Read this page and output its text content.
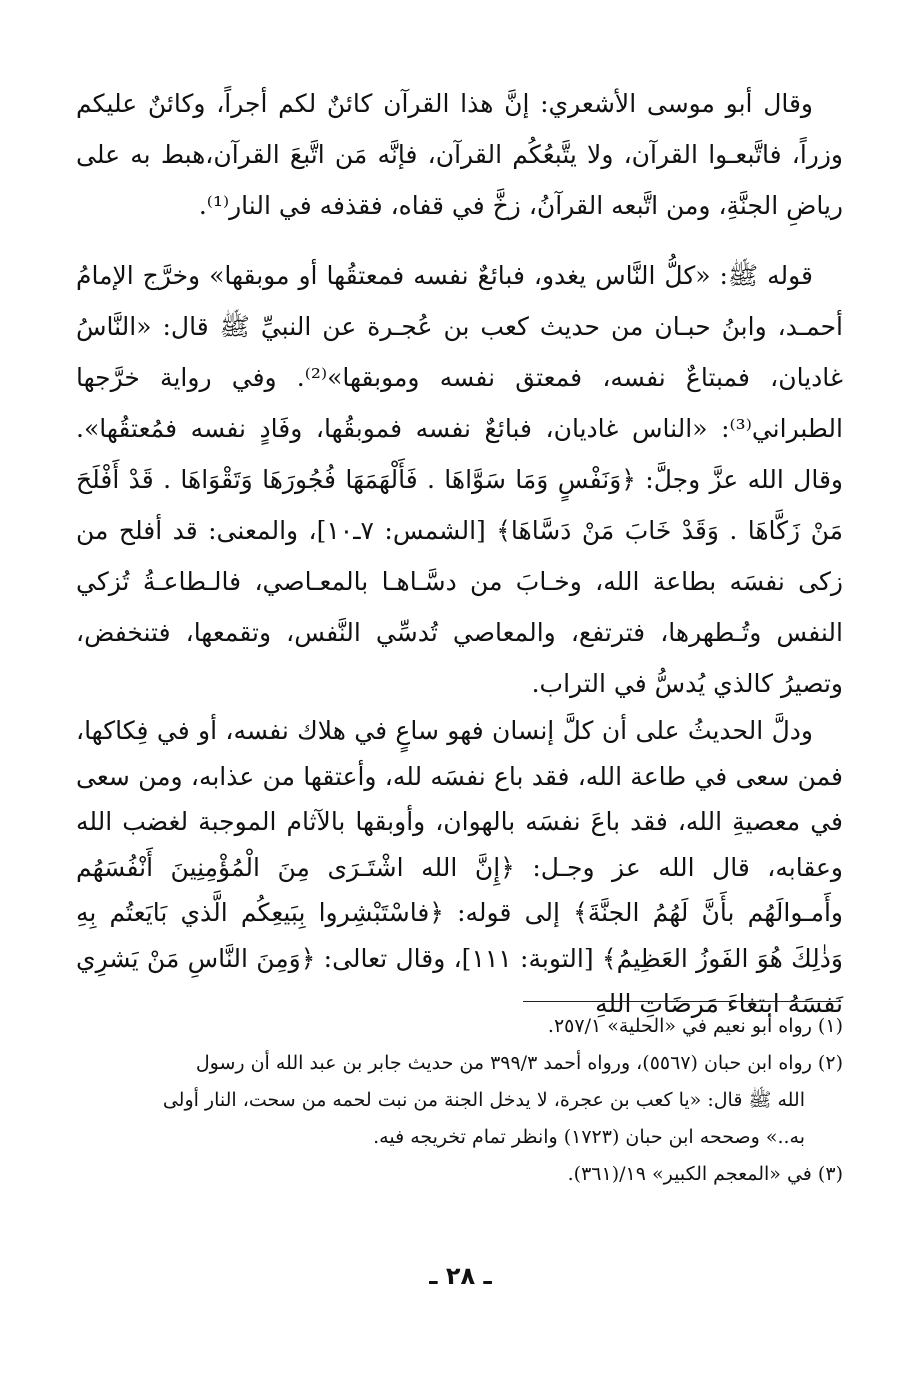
وقال أبو موسى الأشعري: إنَّ هذا القرآن كائنٌ لكم أجراً، وكائنٌ عليكم وزراً، فاتَّبعـوا القرآن، ولا يتَّبعُكُم القرآن، فإنَّه مَن اتَّبعَ القرآن،هبط به على رياضِ الجنَّةِ، ومن اتَّبعه القرآنُ، زخَّ في قفاه، فقذفه في النار⁽¹⁾.

قوله ﷺ: «كلُّ النَّاس يغدو، فبائعٌ نفسه فمعتقُها أو موبقها» وخرَّج الإمامُ أحمـد، وابنُ حبـان من حديث كعب بن عُجـرة عن النبيِّ ﷺ قال: «النَّاسُ غاديان، فمبتاعٌ نفسه، فمعتق نفسه وموبقها»⁽²⁾. وفي رواية خرَّجها الطبراني⁽³⁾: «الناس غاديان، فبائعٌ نفسه فموبقُها، وفَادٍ نفسه فمُعتقُها». وقال الله عزَّ وجلَّ: ﴿وَنَفْسٍ وَمَا سَوَّاهَا . فَأَلْهَمَهَا فُجُورَهَا وَتَقْوَاهَا . قَدْ أَفْلَحَ مَنْ زَكَّاهَا . وَقَدْ خَابَ مَنْ دَسَّاهَا﴾ [الشمس: ٧ـ١٠]، والمعنى: قد أفلح من زكى نفسَه بطاعة الله، وخـابَ من دسَّـاهـا بالمعـاصي، فالـطاعـةُ تُزكي النفس وتُـطهرها، فترتفع، والمعاصي تُدسِّي النَّفس، وتقمعها، فتنخفض، وتصيرُ كالذي يُدسُّ في التراب.

ودلَّ الحديثُ على أن كلَّ إنسان فهو ساعٍ في هلاك نفسه، أو في فِكاكها، فمن سعى في طاعة الله، فقد باع نفسَه لله، وأعتقها من عذابه، ومن سعى في معصيةِ الله، فقد باعَ نفسَه بالهوان، وأوبقها بالآثام الموجبة لغضب الله وعقابه، قال الله عز وجـل: ﴿إِنَّ الله اشْتَـرَى مِنَ الْمُؤْمِنِينَ أَنْفُسَهُم وأَمـوالَهُم بأَنَّ لَهُمُ الجنَّةَ﴾ إلى قوله: ﴿فاسْتَبْشِروا بِبَيعِكُم الَّذي بَايَعتُم بِهِ وَذٰلِكَ هُوَ الفَوزُ العَظِيمُ﴾ [التوبة: ١١١]، وقال تعالى: ﴿وَمِنَ النَّاسِ مَنْ يَشرِي نَفسَهُ ابتغاءَ مَرضَاتِ اللهِ

(١) رواه أبو نعيم في «الحلية» ٢٥٧/١.

(٢) رواه ابن حبان (٥٥٦٧)، ورواه أحمد ٣٩٩/٣ من حديث جابر بن عبد الله أن رسول

الله ﷺ قال: «يا كعب بن عجرة، لا يدخل الجنة من نبت لحمه من سحت، النار أولى

به..» وصححه ابن حبان (١٧٢٣) وانظر تمام تخريجه فيه.

(٣) في «المعجم الكبير» ١٩/(٣٦١).

ـ ٢٨ ـ
